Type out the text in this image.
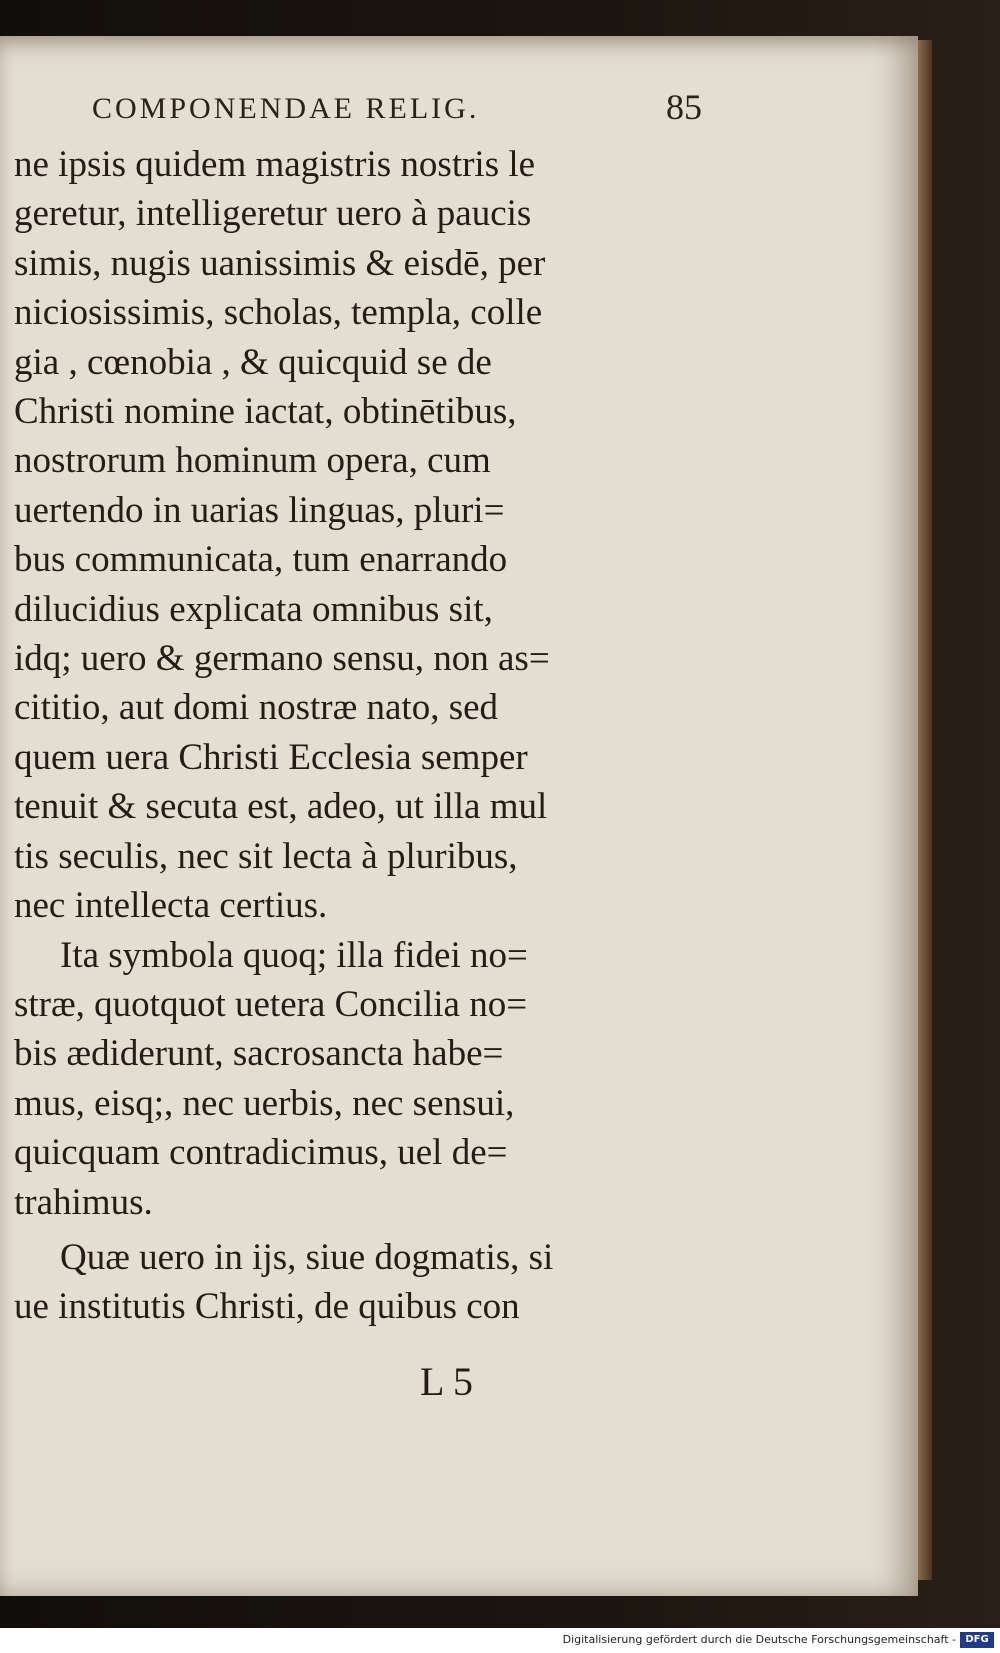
COMPONENDAE RELIG.	85
ne ipsis quidem magistris nostris le
geretur, intelligeretur uero à paucis
simis, nugis uanissimis & eisdē, per
niciosissimis, scholas, templa, colle
gia , cœnobia , & quicquid se de
Christi nomine iactat, obtinētibus,
nostrorum hominum opera, cum
uertendo in uarias linguas, pluri=
bus communicata, tum enarrando
dilucidius explicata omnibus sit,
idq; uero & germano sensu, non as=
cititio, aut domi nostræ nato, sed
quem uera Christi Ecclesia semper
tenuit & secuta est, adeo, ut illa mul
tis seculis, nec sit lecta à pluribus,
nec intellecta certius.
Ita symbola quoq; illa fidei no=
stræ, quotquot uetera Concilia no=
bis ædiderunt, sacrosancta habe=
mus, eisq;, nec uerbis, nec sensui,
quicquam contradicimus, uel de=
trahimus.
Quæ uero in ijs, siue dogmatis, si
ue institutis Christi, de quibus con
L 5
Digitalisierung gefördert durch die Deutsche Forschungsgemeinschaft - DFG
